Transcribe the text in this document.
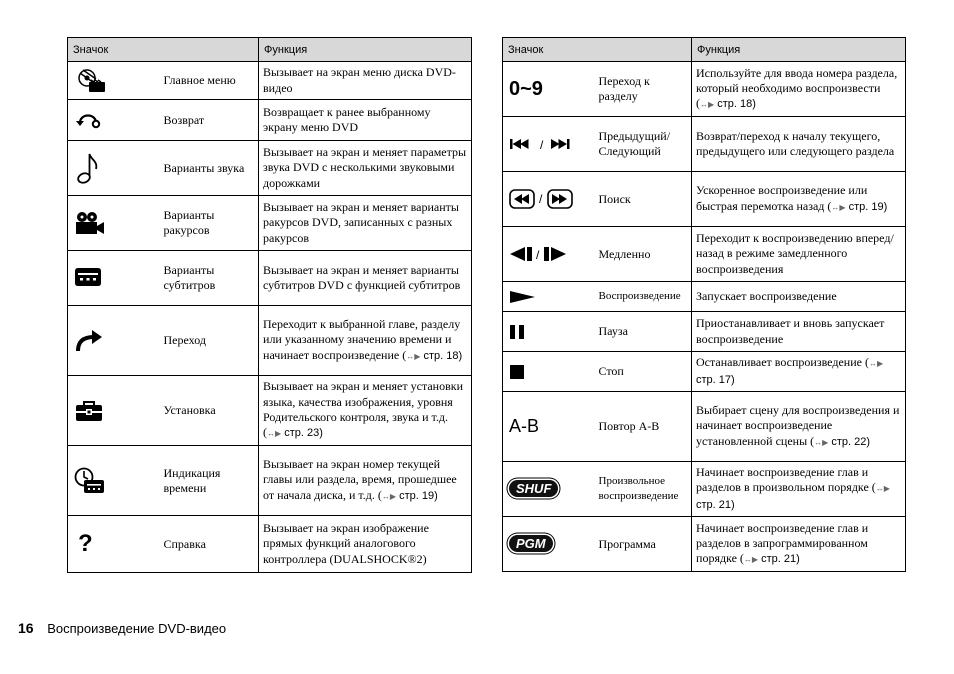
Значок		Функция
	Главное меню	Вызывает на экран меню диска DVD-видео
	Возврат	Возвращает к ранее выбранному экрану меню DVD
	Варианты звука	Вызывает на экран и меняет параметры звука DVD с несколькими звуковыми дорожками
	Варианты ракурсов	Вызывает на экран и меняет варианты ракурсов DVD, записанных с разных ракурсов
	Варианты субтитров	Вызывает на экран и меняет варианты субтитров DVD с функцией субтитров
	Переход	Переходит к выбранной главе, разделу или указанному значению времени и начинает воспроизведение (↔▶ стр. 18)
	Установка	Вызывает на экран и меняет установки языка, качества изображения, уровня Родительского контроля, звука и т.д. (↔▶ стр. 23)
	Индикация времени	Вызывает на экран номер текущей главы или раздела, время, прошедшее от начала диска, и т.д. (↔▶ стр. 19)
?	Справка	Вызывает на экран изображение прямых функций аналогового контроллера (DUALSHOCK®2)
Значок		Функция
0~9	Переход к разделу	Используйте для ввода номера раздела, который необходимо воспроизвести (↔▶ стр. 18)

/	Предыдущий/ Следующий	Возврат/переход к началу текущего, предыдущего или следующего раздела

/	Поиск	Ускоренное воспроизведение или быстрая перемотка назад (↔▶ стр. 19)

/	Медленно	Переходит к воспроизведению вперед/назад в режиме замедленного воспроизведения
	Воспроизведение	Запускает воспроизведение
	Пауза	Приостанавливает и вновь запускает воспроизведение
	Стоп	Останавливает воспроизведение (↔▶ стр. 17)
A-B	Повтор А-В	Выбирает сцену для воспроизведения и начинает воспроизведение установленной сцены (↔▶ стр. 22)
SHUF	Произвольное воспроизведение	Начинает воспроизведение глав и разделов в произвольном порядке (↔▶ стр. 21)
PGM	Программа	Начинает воспроизведение глав и разделов в запрограммированном порядке (↔▶ стр. 21)
16 Воспроизведение DVD-видео
